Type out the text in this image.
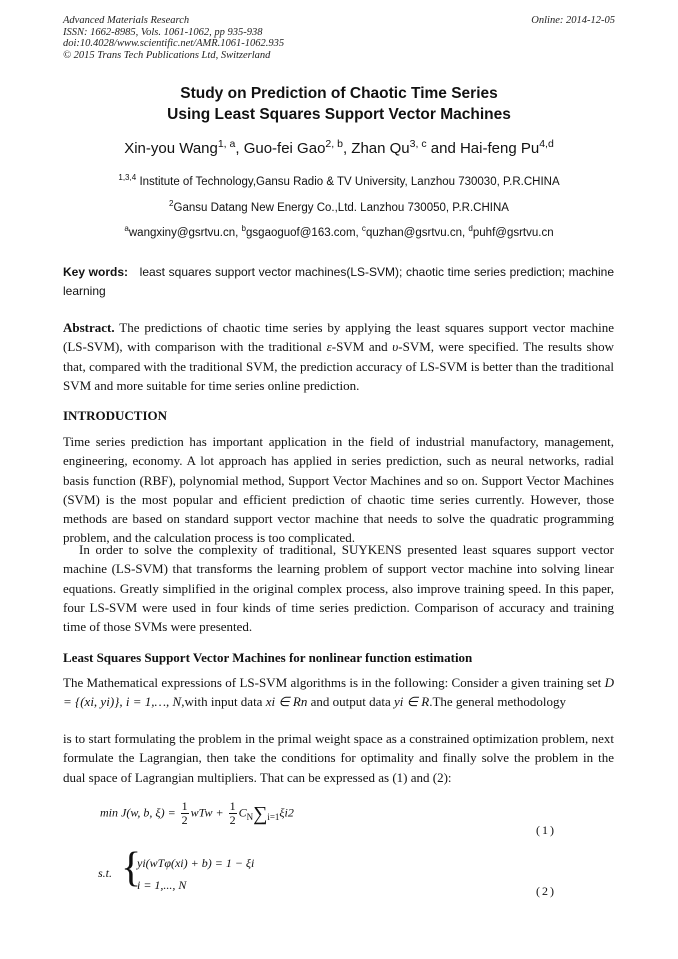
Advanced Materials Research
ISSN: 1662-8985, Vols. 1061-1062, pp 935-938
doi:10.4028/www.scientific.net/AMR.1061-1062.935
© 2015 Trans Tech Publications Ltd, Switzerland
Online: 2014-12-05
Study on Prediction of Chaotic Time Series
Using Least Squares Support Vector Machines
Xin-you Wang$^{1, a}$, Guo-fei Gao$^{2, b}$, Zhan Qu$^{3, c}$ and Hai-feng Pu$^{4,d}$
$^{1,3,4}$ Institute of Technology,Gansu Radio & TV University, Lanzhou 730030, P.R.CHINA
$^2$Gansu Datang New Energy Co.,Ltd. Lanzhou 730050, P.R.CHINA
$^a$wangxiny@gsrtvu.cn, $^b$gsgaoguof@163.com, $^c$quzhan@gsrtvu.cn, $^d$puhf@gsrtvu.cn
Key words: least squares support vector machines(LS-SVM); chaotic time series prediction; machine learning
Abstract. The predictions of chaotic time series by applying the least squares support vector machine (LS-SVM), with comparison with the traditional ε-SVM and υ-SVM, were specified. The results show that, compared with the traditional SVM, the prediction accuracy of LS-SVM is better than the traditional SVM and more suitable for time series online prediction.
INTRODUCTION
Time series prediction has important application in the field of industrial manufactory, management, engineering, economy. A lot approach has applied in series prediction, such as neural networks, radial basis function (RBF), polynomial method, Support Vector Machines and so on. Support Vector Machines (SVM) is the most popular and efficient prediction of chaotic time series currently. However, those methods are based on standard support vector machine that needs to solve the quadratic programming problem, and the calculation process is too complicated.
In order to solve the complexity of traditional, SUYKENS presented least squares support vector machine (LS-SVM) that transforms the learning problem of support vector machine into solving linear equations. Greatly simplified in the original complex process, also improve training speed. In this paper, four LS-SVM were used in four kinds of time series prediction. Comparison of accuracy and training time of those SVMs were presented.
Least Squares Support Vector Machines for nonlinear function estimation
The Mathematical expressions of LS-SVM algorithms is in the following: Consider a given training set D = {(xi, yi)}, i = 1,…, N,with input data xi ∈ Rn and output data yi ∈ R.The general methodology
is to start formulating the problem in the primal weight space as a constrained optimization problem, next formulate the Lagrangian, then take the conditions for optimality and finally solve the problem in the dual space of Lagrangian multipliers. That can be expressed as (1) and (2):
min J(w, b, $\xi) = \frac{1}{2}$ wTw + $\frac{1}{2} CN\sum i=1\xi i2$
(1)
s.t. {
yi(wTφ(xi) + b) = 1 − ξi
i = 1,..., N	(2)
